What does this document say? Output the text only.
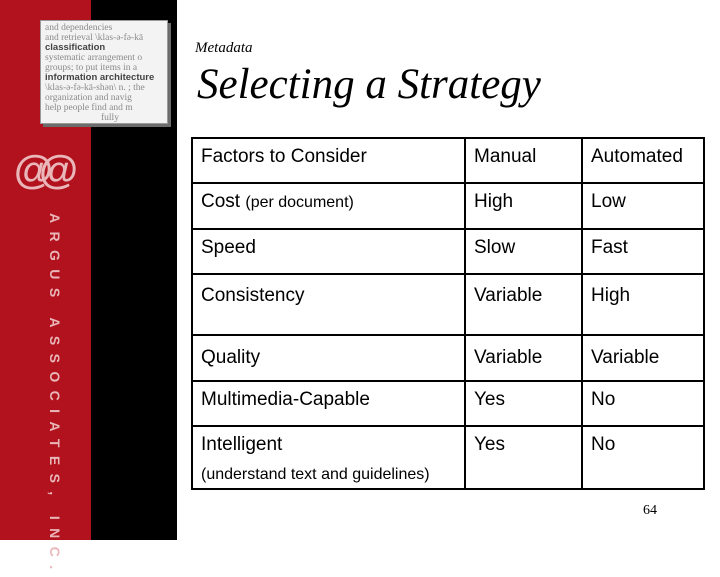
and dependencies
and retrieval \klas-ə-fə-kā
classification
systematic arrangement o
groups; to put items in a
information architecture
\klas-ə-fə-kā-shən\ n. ; the
organization and navig
help people find and m
fully
@@
ARGUS ASSOCIATES, INC.
Metadata
Selecting a Strategy
Factors to Consider	Manual	Automated
Cost (per document)	High	Low
Speed	Slow	Fast
Consistency	Variable	High
Quality	Variable	Variable
Multimedia-Capable	Yes	No
Intelligent
(understand text and guidelines)	Yes	No
64
